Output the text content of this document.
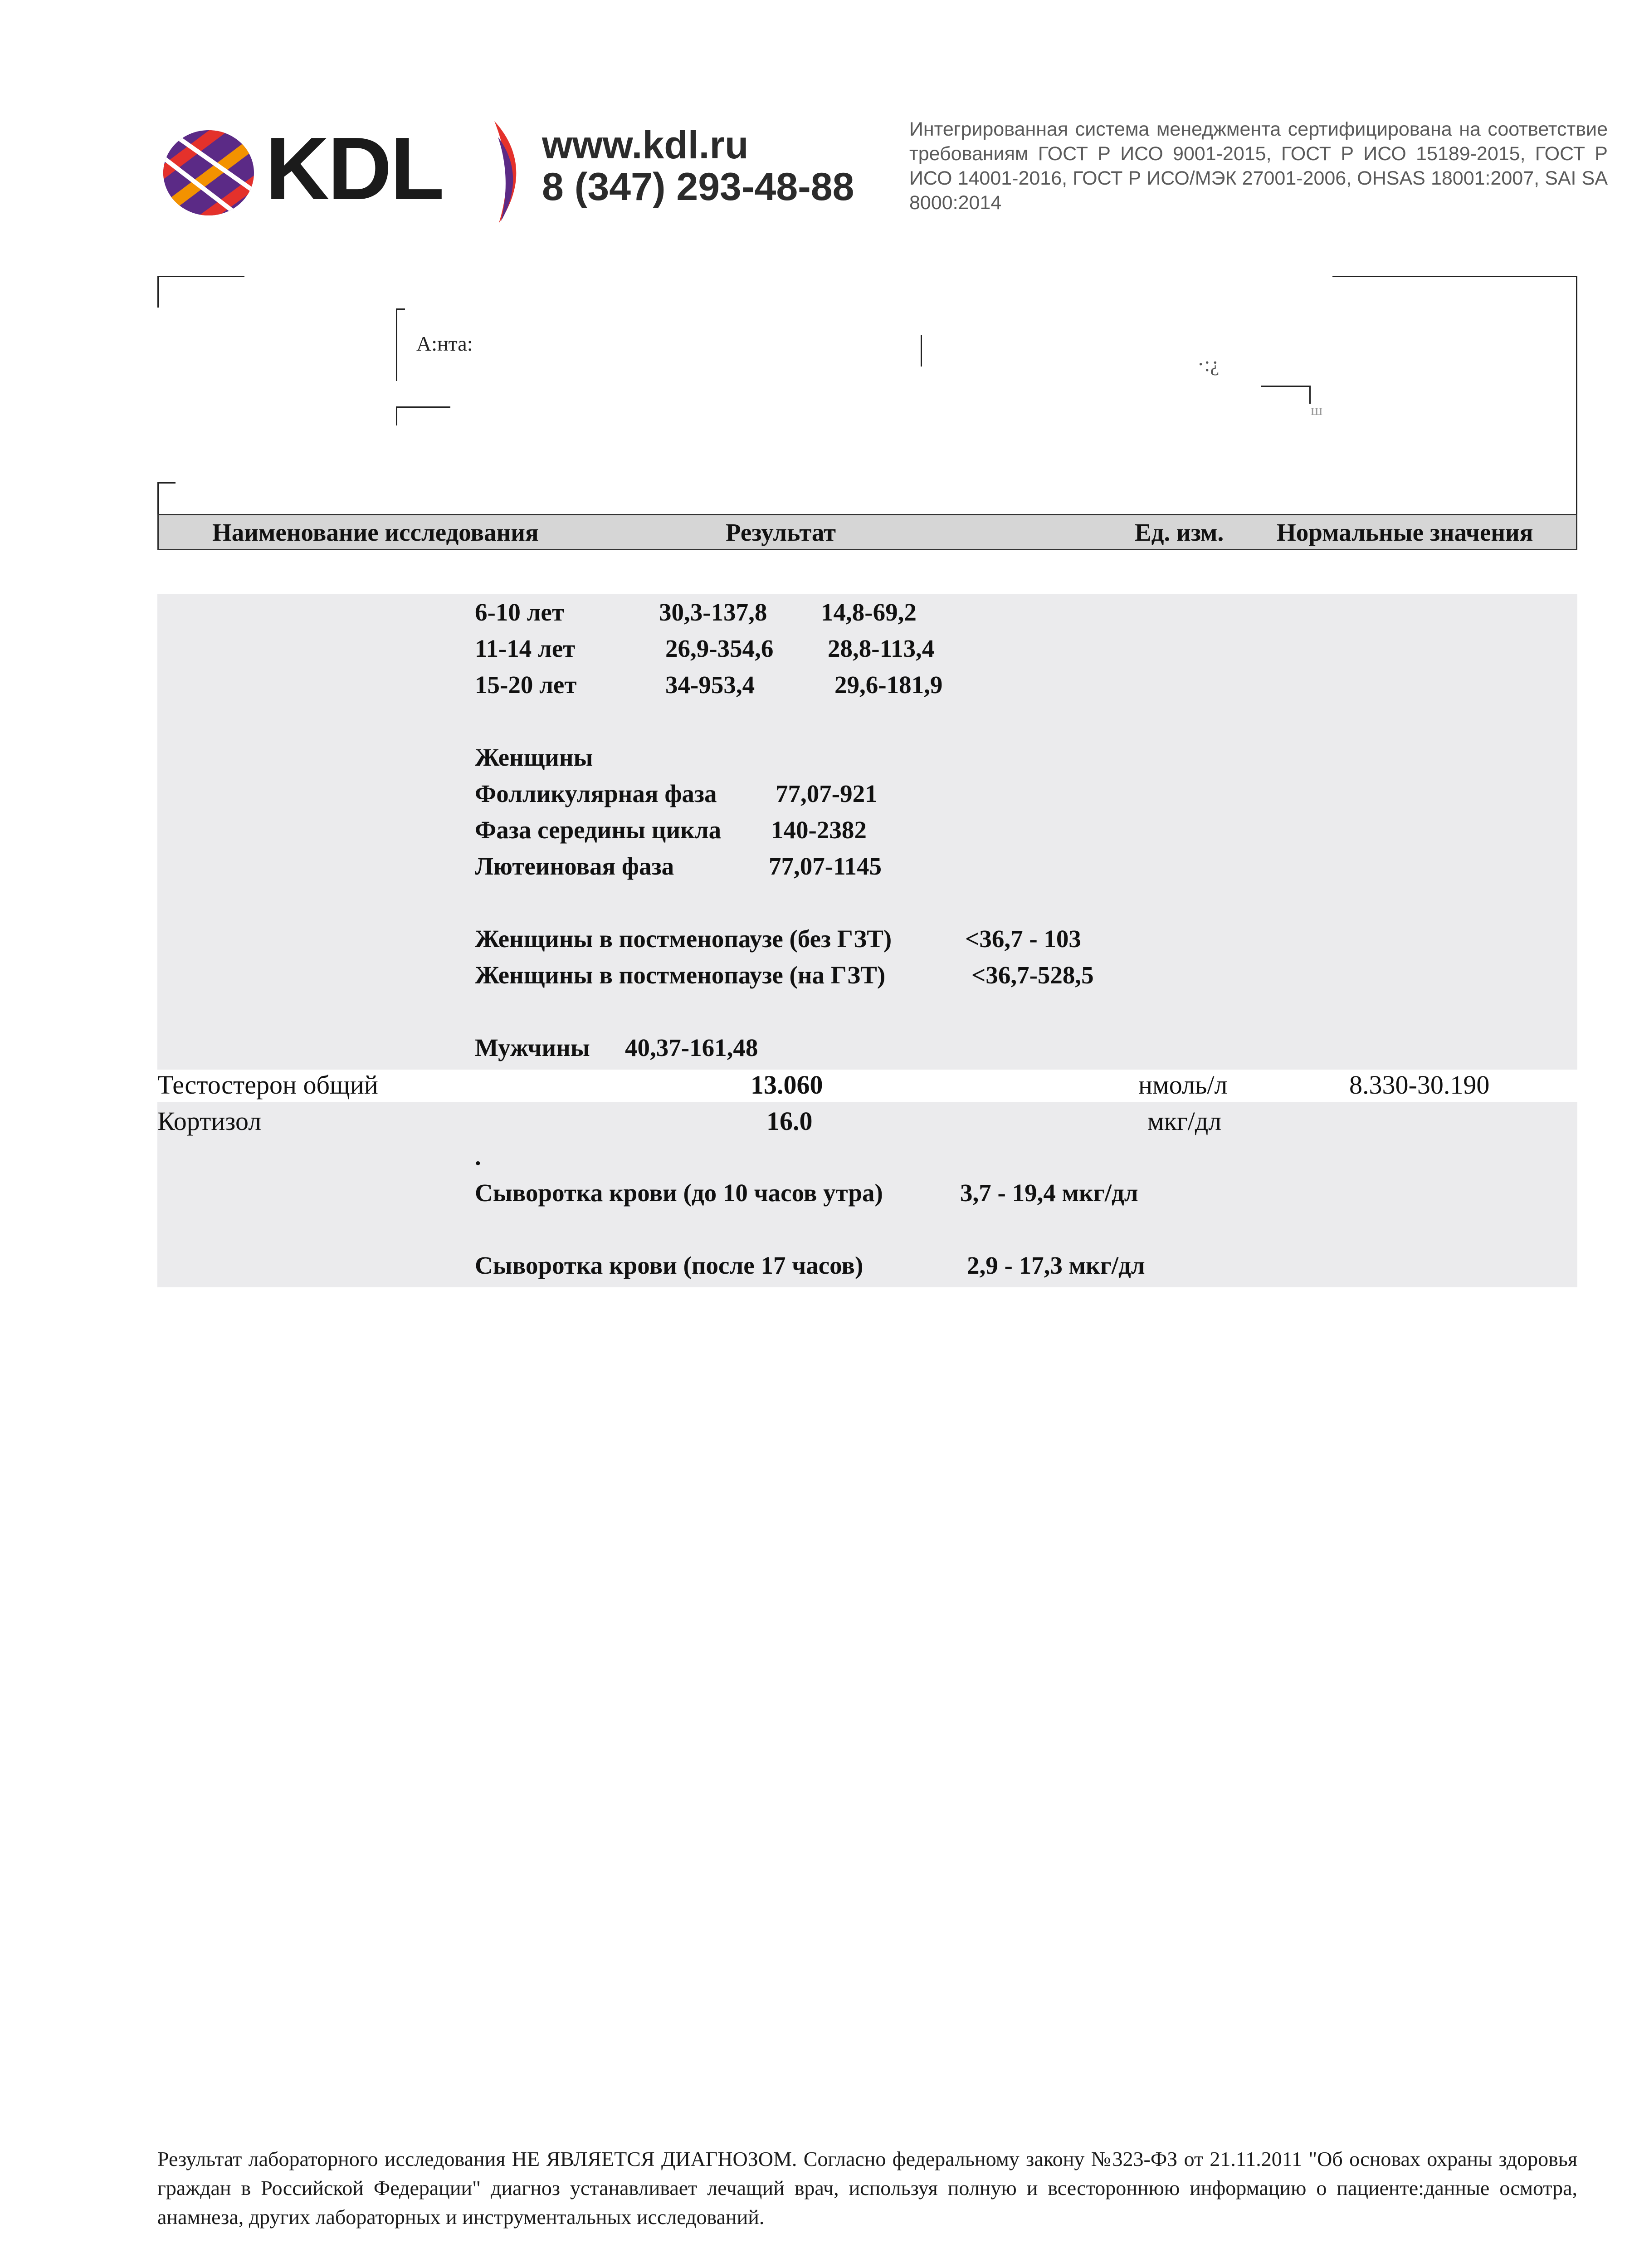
KDL	www.kdl.ru
8 (347) 293-48-88
Интегрированная система менеджмента сертифицирована на соответствие требованиям ГОСТ Р ИСО 9001-2015, ГОСТ Р ИСО 15189-2015, ГОСТ Р ИСО 14001-2016, ГОСТ Р ИСО/МЭК 27001-2006, OHSAS 18001:2007, SAI SA 8000:2014
А:нта:
·:¿
ш
Наименование исследования	Результат	Ед. изм. Нормальные значения
6-10 лет	30,3-137,8 14,8-69,2
11-14 лет	26,9-354,6 28,8-113,4
15-20 лет	34-953,4	29,6-181,9
Женщины
Фолликулярная фаза 77,07-921
Фаза середины цикла 140-2382
Лютеиновая фаза	77,07-1145
Женщины в постменопаузе (без ГЗТ)	<36,7 - 103
Женщины в постменопаузе (на ГЗТ)	<36,7-528,5
Мужчины 40,37-161,48
Тестостерон общий	13.060	нмоль/л	8.330-30.190
Кортизол	16.0	мкг/дл
.
Сыворотка крови (до 10 часов утра)	3,7 - 19,4 мкг/дл
Сыворотка крови (после 17 часов)	2,9 - 17,3 мкг/дл
Результат лабораторного исследования НЕ ЯВЛЯЕТСЯ ДИАГНОЗОМ. Согласно федеральному закону №323-ФЗ от 21.11.2011 "Об основах охраны здоровья граждан в Российской Федерации" диагноз устанавливает лечащий врач, используя полную и всестороннюю информацию о пациенте:данные осмотра, анамнеза, других лабораторных и инструментальных исследований.
